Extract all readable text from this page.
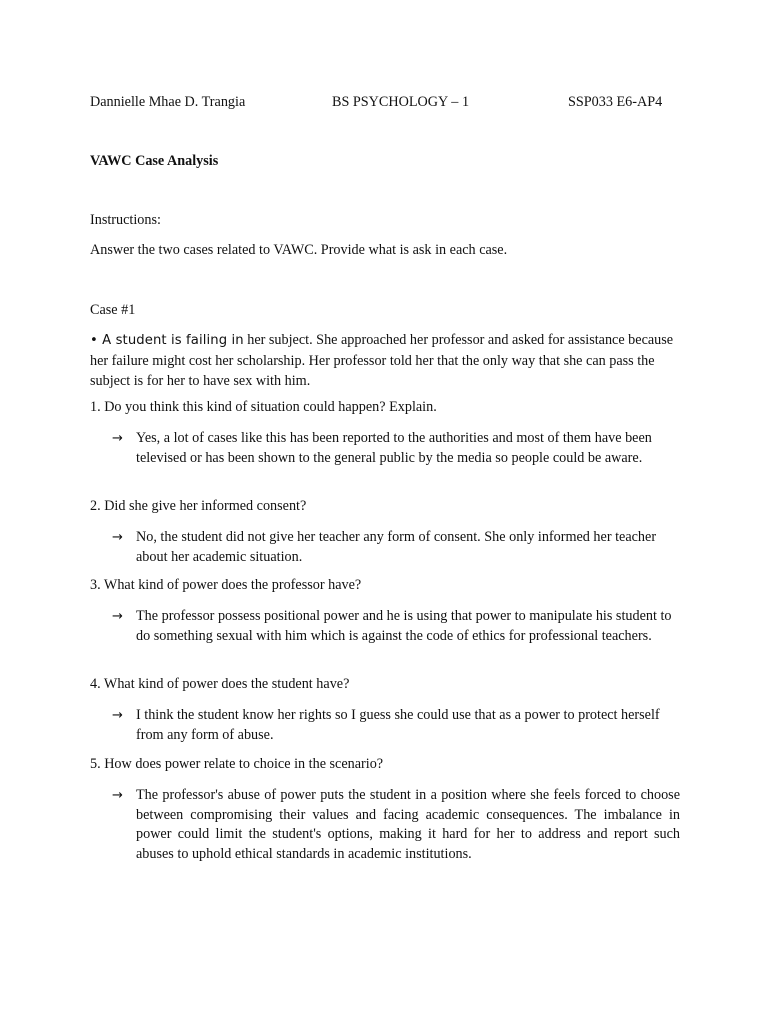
Dannielle Mhae D. Trangia	BS PSYCHOLOGY – 1	SSP033 E6-AP4
VAWC Case Analysis
Instructions:
Answer the two cases related to VAWC. Provide what is ask in each case.
Case #1
• A student is failing in her subject. She approached her professor and asked for assistance because her failure might cost her scholarship. Her professor told her that the only way that she can pass the subject is for her to have sex with him.
1. Do you think this kind of situation could happen? Explain.
→ Yes, a lot of cases like this has been reported to the authorities and most of them have been televised or has been shown to the general public by the media so people could be aware.
2. Did she give her informed consent?
→ No, the student did not give her teacher any form of consent. She only informed her teacher about her academic situation.
3. What kind of power does the professor have?
→ The professor possess positional power and he is using that power to manipulate his student to do something sexual with him which is against the code of ethics for professional teachers.
4. What kind of power does the student have?
→ I think the student know her rights so I guess she could use that as a power to protect herself from any form of abuse.
5. How does power relate to choice in the scenario?
→ The professor's abuse of power puts the student in a position where she feels forced to choose between compromising their values and facing academic consequences. The imbalance in power could limit the student's options, making it hard for her to address and report such abuses to uphold ethical standards in academic institutions.
